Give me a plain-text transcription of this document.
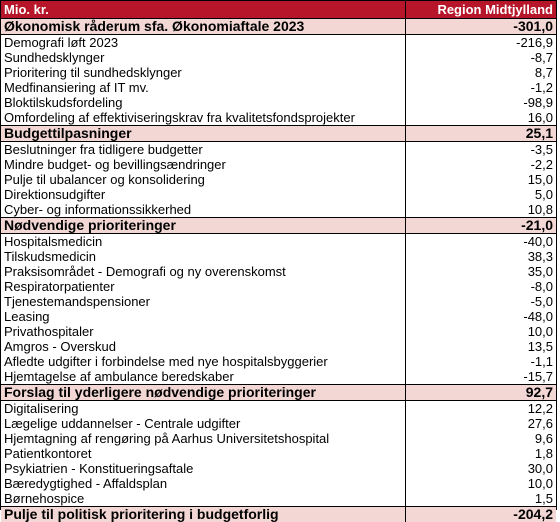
Mio. kr.	Region Midtjylland
Økonomisk råderum sfa. Økonomiaftale 2023	-301,0
Demografi løft 2023	-216,9
Sundhedsklynger	-8,7
Prioritering til sundhedsklynger	8,7
Medfinansiering af IT mv.	-1,2
Bloktilskudsfordeling	-98,9
Omfordeling af effektiviseringskrav fra kvalitetsfondsprojekter	16,0
Budgettilpasninger	25,1
Beslutninger fra tidligere budgetter	-3,5
Mindre budget- og bevillingsændringer	-2,2
Pulje til ubalancer og konsolidering	15,0
Direktionsudgifter	5,0
Cyber- og informationssikkerhed	10,8
Nødvendige prioriteringer	-21,0
Hospitalsmedicin	-40,0
Tilskudsmedicin	38,3
Praksisområdet - Demografi og ny overenskomst	35,0
Respiratorpatienter	-8,0
Tjenestemandspensioner	-5,0
Leasing	-48,0
Privathospitaler	10,0
Amgros - Overskud	13,5
Afledte udgifter i forbindelse med nye hospitalsbyggerier	-1,1
Hjemtagelse af ambulance beredskaber	-15,7
Forslag til yderligere nødvendige prioriteringer	92,7
Digitalisering	12,2
Lægelige uddannelser - Centrale udgifter	27,6
Hjemtagning af rengøring på Aarhus Universitetshospital	9,6
Patientkontoret	1,8
Psykiatrien - Konstitueringsaftale	30,0
Bæredygtighed - Affaldsplan	10,0
Børnehospice	1,5
Pulje til politisk prioritering i budgetforlig	-204,2
